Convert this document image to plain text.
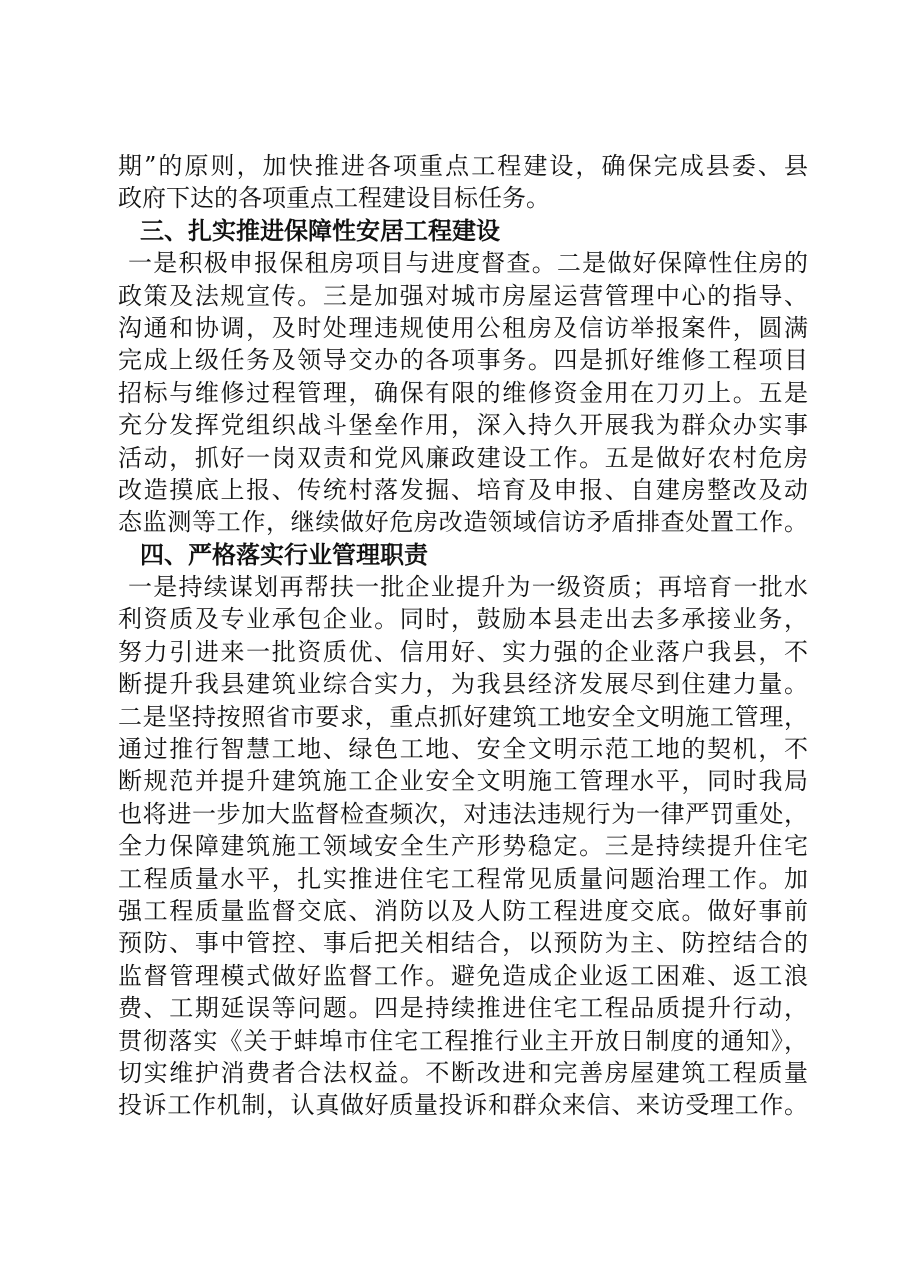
期”的原则，加快推进各项重点工程建设，确保完成县委、县
政府下达的各项重点工程建设目标任务。
三、扎实推进保障性安居工程建设
一是积极申报保租房项目与进度督查。二是做好保障性住房的
政策及法规宣传。三是加强对城市房屋运营管理中心的指导、
沟通和协调，及时处理违规使用公租房及信访举报案件，圆满
完成上级任务及领导交办的各项事务。四是抓好维修工程项目
招标与维修过程管理，确保有限的维修资金用在刀刃上。五是
充分发挥党组织战斗堡垒作用，深入持久开展我为群众办实事
活动，抓好一岗双责和党风廉政建设工作。五是做好农村危房
改造摸底上报、传统村落发掘、培育及申报、自建房整改及动
态监测等工作，继续做好危房改造领域信访矛盾排查处置工作。
四、严格落实行业管理职责
一是持续谋划再帮扶一批企业提升为一级资质；再培育一批水
利资质及专业承包企业。同时，鼓励本县走出去多承接业务，
努力引进来一批资质优、信用好、实力强的企业落户我县，不
断提升我县建筑业综合实力，为我县经济发展尽到住建力量。
二是坚持按照省市要求，重点抓好建筑工地安全文明施工管理，
通过推行智慧工地、绿色工地、安全文明示范工地的契机，不
断规范并提升建筑施工企业安全文明施工管理水平，同时我局
也将进一步加大监督检查频次，对违法违规行为一律严罚重处，
全力保障建筑施工领域安全生产形势稳定。三是持续提升住宅
工程质量水平，扎实推进住宅工程常见质量问题治理工作。加
强工程质量监督交底、消防以及人防工程进度交底。做好事前
预防、事中管控、事后把关相结合，以预防为主、防控结合的
监督管理模式做好监督工作。避免造成企业返工困难、返工浪
费、工期延误等问题。四是持续推进住宅工程品质提升行动，
贯彻落实《关于蚌埠市住宅工程推行业主开放日制度的通知》，
切实维护消费者合法权益。不断改进和完善房屋建筑工程质量
投诉工作机制，认真做好质量投诉和群众来信、来访受理工作。
